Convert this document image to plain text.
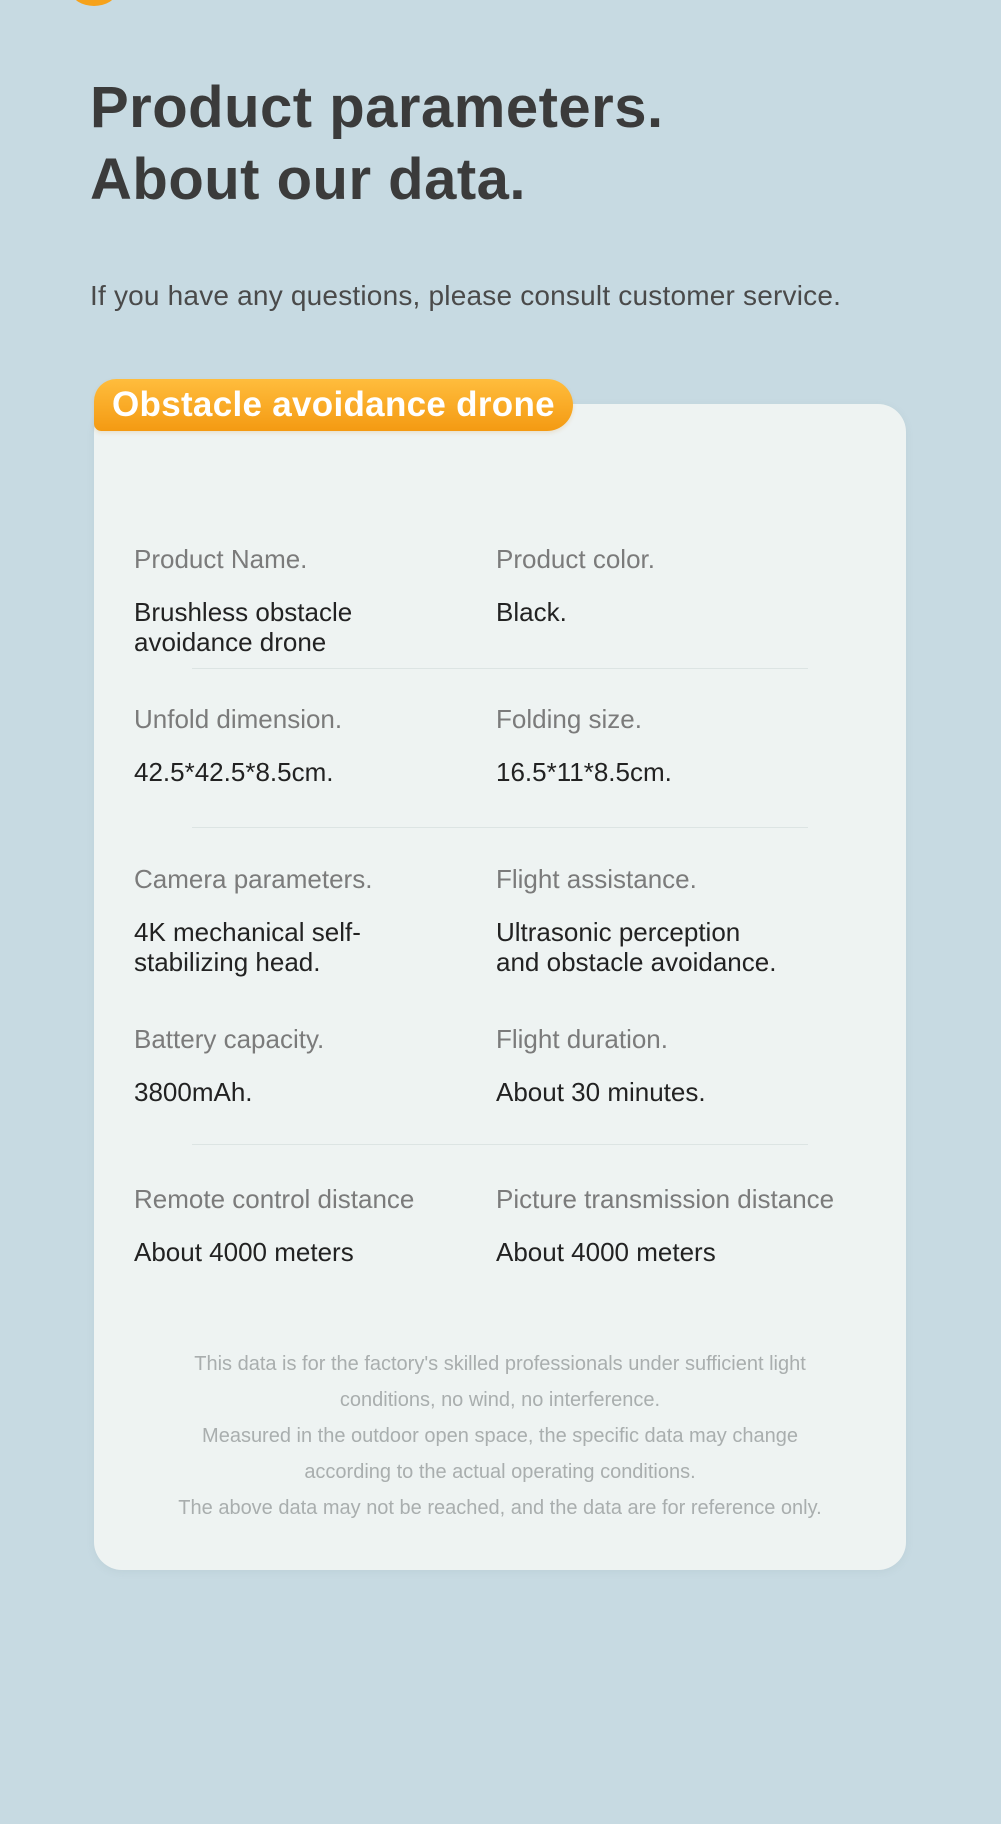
Product parameters.
About our data.

If you have any questions, please consult customer service.

Obstacle avoidance drone
Product Name.
Brushless obstacle
avoidance drone
Product color.
Black.
Unfold dimension.
42.5*42.5*8.5cm.
Folding size.
16.5*11*8.5cm.
Camera parameters.
4K mechanical self-
stabilizing head.
Flight assistance.
Ultrasonic perception
and obstacle avoidance.
Battery capacity.
3800mAh.
Flight duration.
About 30 minutes.
Remote control distance
About 4000 meters
Picture transmission distance
About 4000 meters
This data is for the factory's skilled professionals under sufficient light
conditions, no wind, no interference.
Measured in the outdoor open space, the specific data may change
according to the actual operating conditions.
The above data may not be reached, and the data are for reference only.
